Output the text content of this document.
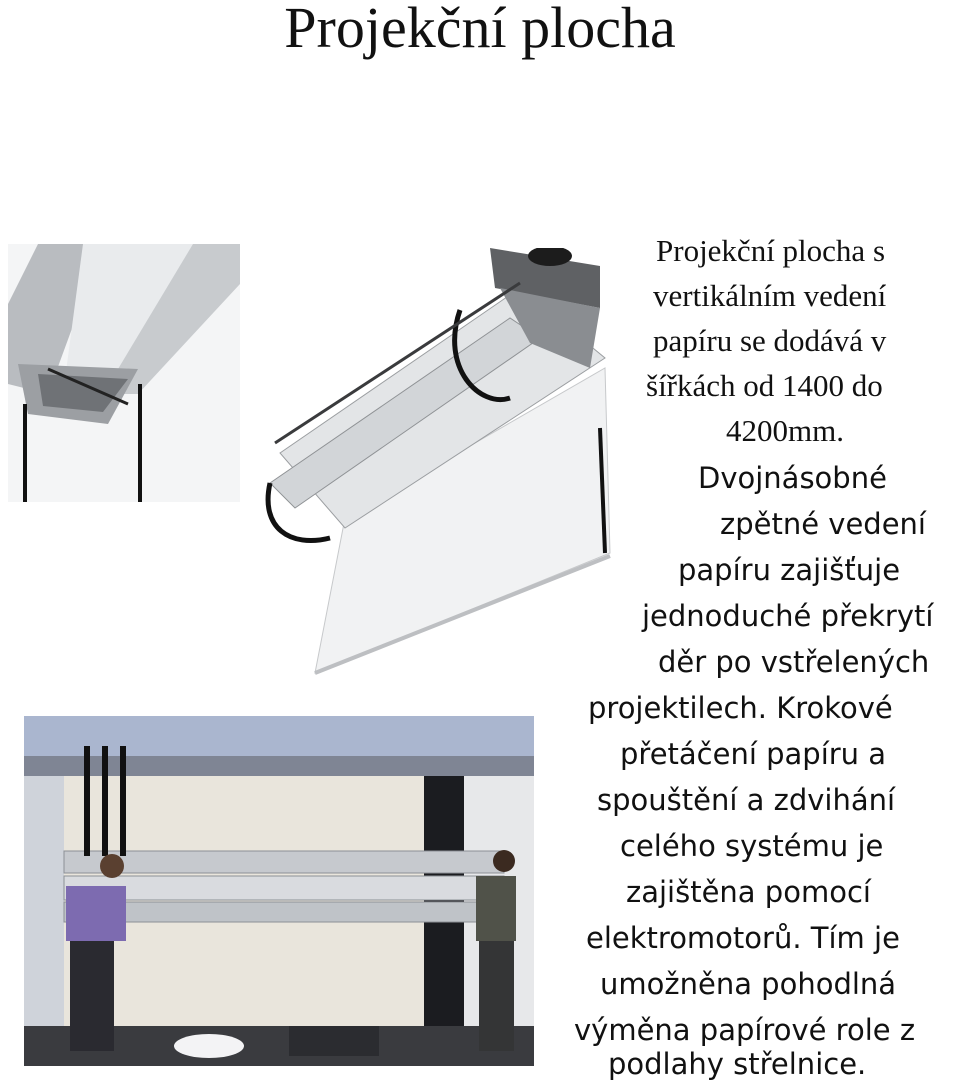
Projekční plocha
Projekční plocha s
vertikálním vedení
papíru se dodává v
šířkách od 1400 do
4200mm.
Dvojnásobné
zpětné vedení
papíru zajišťuje
jednoduché překrytí
děr po vstřelených
projektilech. Krokové
přetáčení papíru a
spouštění a zdvihání
celého systému je
zajištěna pomocí
elektromotorů. Tím je
umožněna pohodlná
výměna papírové role z
podlahy střelnice.
